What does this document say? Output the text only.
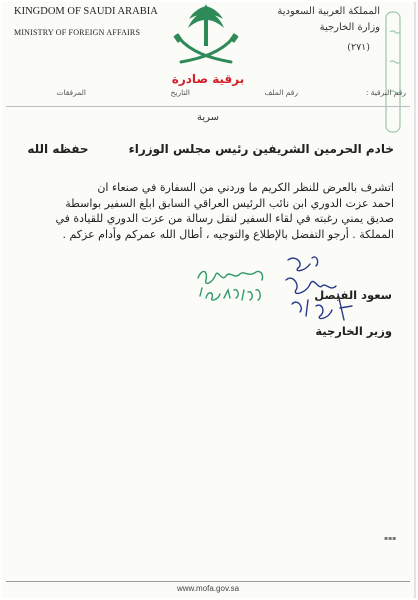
KINGDOM OF SAUDI ARABIA
MINISTRY OF FOREIGN AFFAIRS
المملكة العربية السعودية
وزارة الخارجية
(٢٧١)
برقية صادرة
رقم البرقية :
رقم الملف
التاريخ
المرفقات
سرية
خادم الحرمين الشريفين رئيس مجلس الوزراءحفظه الله
اتشرف بالعرض للنظر الكريم ما وردني من السفارة في صنعاء ان
احمد عزت الدوري ابن نائب الرئيس العراقي السابق ابلغ السفير بواسطة
صديق يمني رغبته في لقاء السفير لنقل رسالة من عزت الدوري للقيادة في
المملكة . أرجو التفضل بالإطلاع والتوجيه ، أطال الله عمركم وأدام عزكم .
سعود الفيصل
وزير الخارجية
▪▪▪
www.mofa.gov.sa
